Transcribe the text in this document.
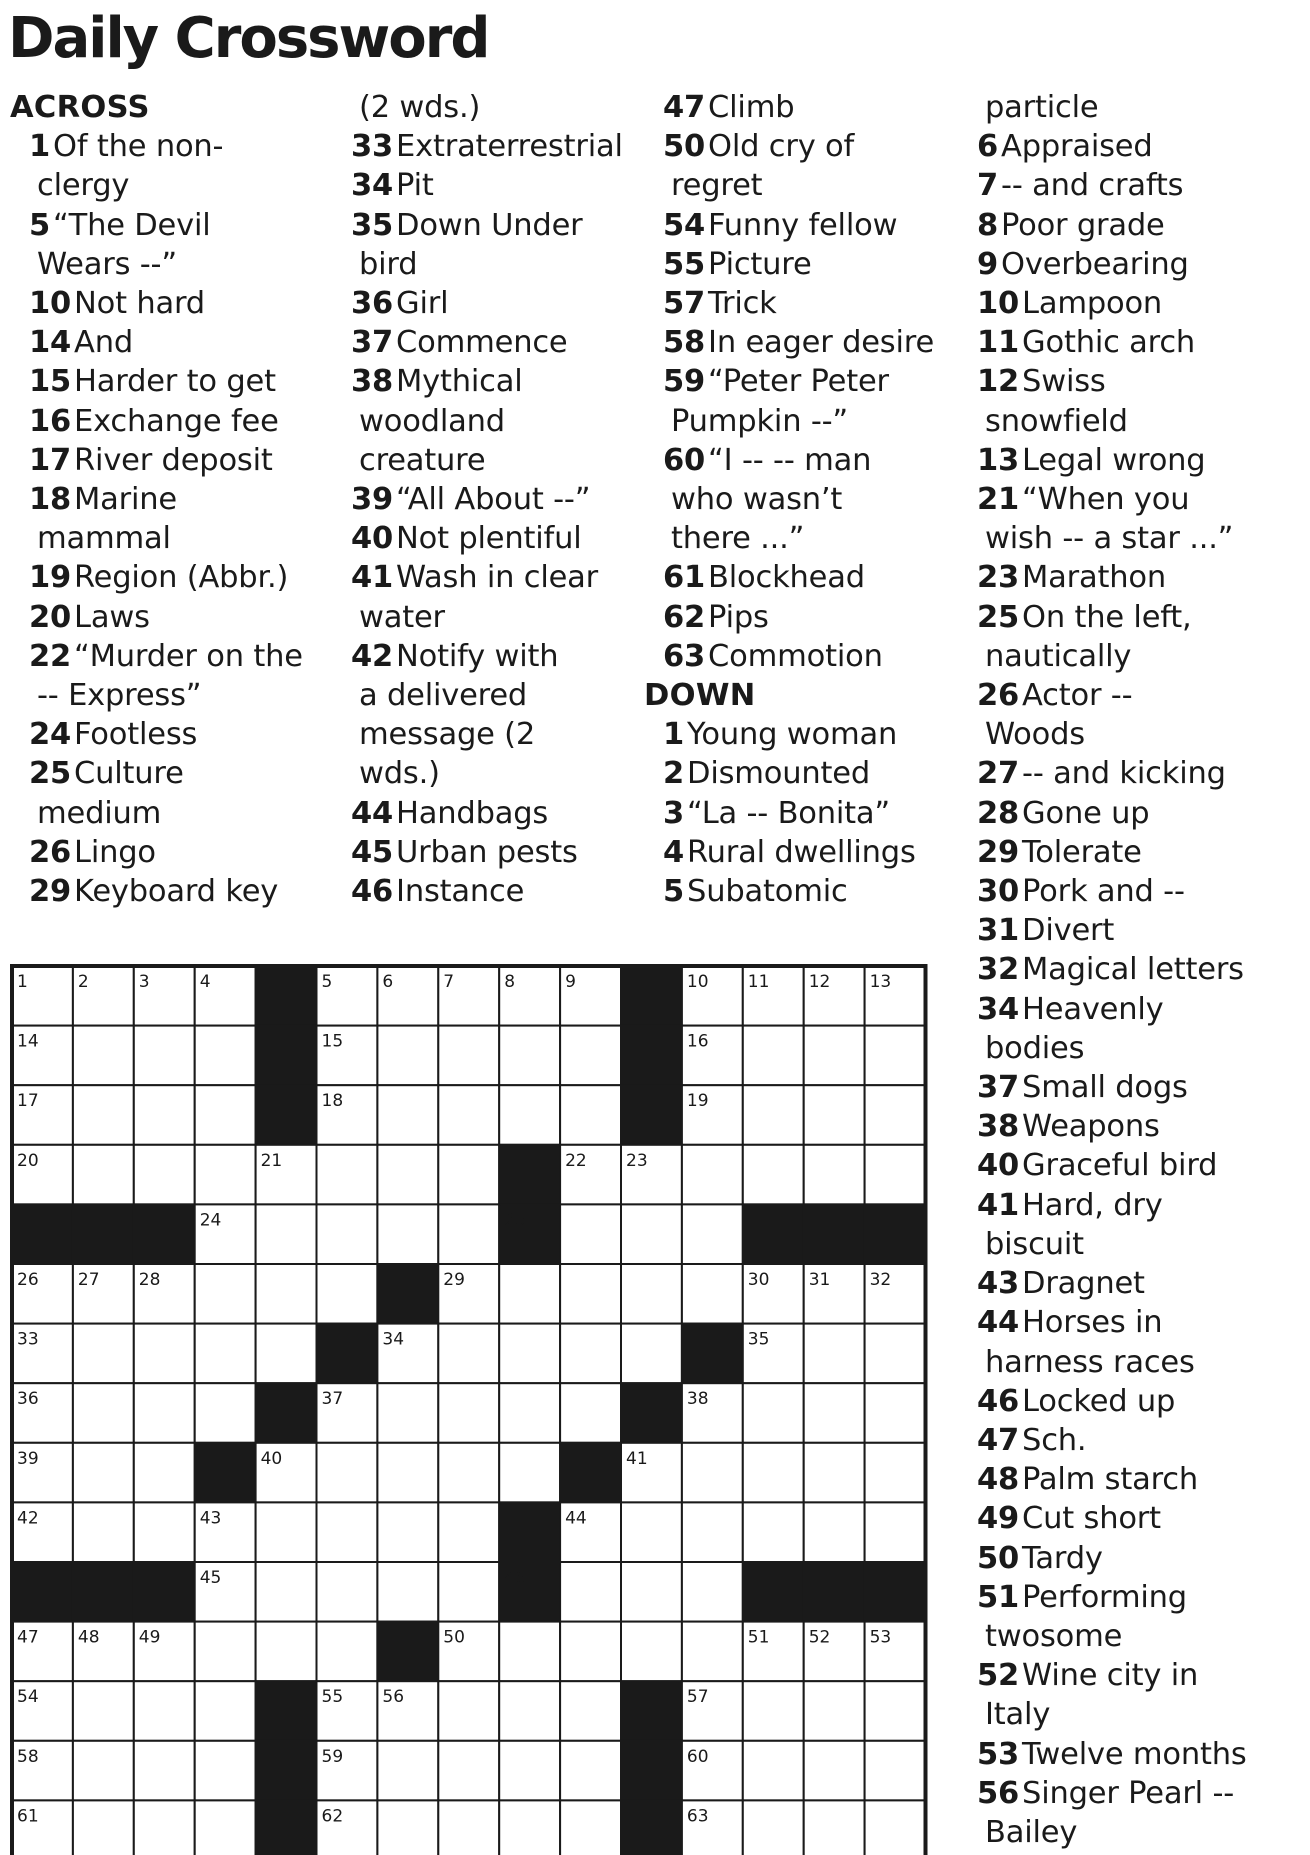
Daily Crossword
ACROSS
1Of the non-
clergy
5“The Devil
Wears --”
10Not hard
14And
15Harder to get
16Exchange fee
17River deposit
18Marine
mammal
19Region (Abbr.)
20Laws
22“Murder on the
-- Express”
24Footless
25Culture
medium
26Lingo
29Keyboard key
(2 wds.)
33Extraterrestrial
34Pit
35Down Under
bird
36Girl
37Commence
38Mythical
woodland
creature
39“All About --”
40Not plentiful
41Wash in clear
water
42Notify with
a delivered
message (2
wds.)
44Handbags
45Urban pests
46Instance
47Climb
50Old cry of
regret
54Funny fellow
55Picture
57Trick
58In eager desire
59“Peter Peter
Pumpkin --”
60“I -- -- man
who wasn’t
there ...”
61Blockhead
62Pips
63Commotion
DOWN
1Young woman
2Dismounted
3“La -- Bonita”
4Rural dwellings
5Subatomic
particle
6Appraised
7-- and crafts
8Poor grade
9Overbearing
10Lampoon
11Gothic arch
12Swiss
snowfield
13Legal wrong
21“When you
wish -- a star ...”
23Marathon
25On the left,
nautically
26Actor --
Woods
27-- and kicking
28Gone up
29Tolerate
30Pork and --
31Divert
32Magical letters
34Heavenly
bodies
37Small dogs
38Weapons
40Graceful bird
41Hard, dry
biscuit
43Dragnet
44Horses in
harness races
46Locked up
47Sch.
48Palm starch
49Cut short
50Tardy
51Performing
twosome
52Wine city in
Italy
53Twelve months
56Singer Pearl --
Bailey
1	2	3	4	5	6	7	8	9	10 11 12 13
14	15	16
17	18	19
20	21	22 23
24	25
26 27 28	29	30 31 32
33	34	35
36	37	38
39	40	41
42	43	44
45	46
47 48 49	50	51 52 53
54	55 56	57
58	59	60
61	62	63
